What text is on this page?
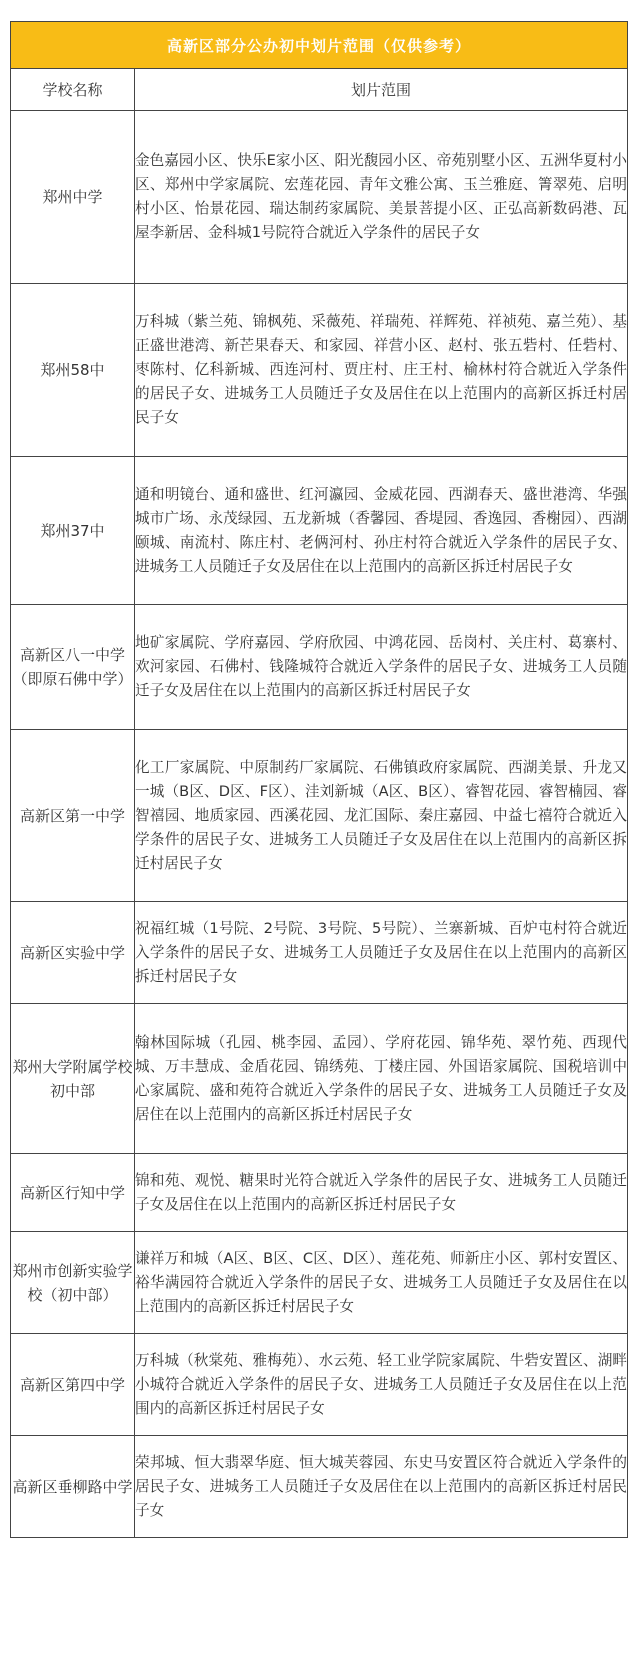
高新区部分公办初中划片范围（仅供参考）	
学校名称	划片范围
郑州中学	金色嘉园小区、快乐E家小区、阳光馥园小区、帝苑别墅小区、五洲华夏村小区、郑州中学家属院、宏莲花园、青年文雅公寓、玉兰雅庭、箐翠苑、启明村小区、怡景花园、瑞达制药家属院、美景菩提小区、正弘高新数码港、瓦屋李新居、金科城1号院符合就近入学条件的居民子女
郑州58中	万科城（紫兰苑、锦枫苑、采薇苑、祥瑞苑、祥辉苑、祥祯苑、嘉兰苑）、基正盛世港湾、新芒果春天、和家园、祥营小区、赵村、张五砦村、任砦村、枣陈村、亿科新城、西连河村、贾庄村、庄王村、榆林村符合就近入学条件的居民子女、进城务工人员随迁子女及居住在以上范围内的高新区拆迁村居民子女
郑州37中	通和明镜台、通和盛世、红河瀛园、金威花园、西湖春天、盛世港湾、华强城市广场、永茂绿园、五龙新城（香馨园、香堤园、香逸园、香榭园）、西湖颐城、南流村、陈庄村、老俩河村、孙庄村符合就近入学条件的居民子女、进城务工人员随迁子女及居住在以上范围内的高新区拆迁村居民子女
高新区八一中学（即原石佛中学）	地矿家属院、学府嘉园、学府欣园、中鸿花园、岳岗村、关庄村、葛寨村、欢河家园、石佛村、钱隆城符合就近入学条件的居民子女、进城务工人员随迁子女及居住在以上范围内的高新区拆迁村居民子女
高新区第一中学	化工厂家属院、中原制药厂家属院、石佛镇政府家属院、西湖美景、升龙又一城（B区、D区、F区）、洼刘新城（A区、B区）、睿智花园、睿智楠园、睿智禧园、地质家园、西溪花园、龙汇国际、秦庄嘉园、中益七禧符合就近入学条件的居民子女、进城务工人员随迁子女及居住在以上范围内的高新区拆迁村居民子女
高新区实验中学	祝福红城（1号院、2号院、3号院、5号院）、兰寨新城、百炉屯村符合就近入学条件的居民子女、进城务工人员随迁子女及居住在以上范围内的高新区拆迁村居民子女
郑州大学附属学校初中部	翰林国际城（孔园、桃李园、孟园）、学府花园、锦华苑、翠竹苑、西现代城、万丰慧成、金盾花园、锦绣苑、丁楼庄园、外国语家属院、国税培训中心家属院、盛和苑符合就近入学条件的居民子女、进城务工人员随迁子女及居住在以上范围内的高新区拆迁村居民子女
高新区行知中学	锦和苑、观悦、糖果时光符合就近入学条件的居民子女、进城务工人员随迁子女及居住在以上范围内的高新区拆迁村居民子女
郑州市创新实验学校（初中部）	谦祥万和城（A区、B区、C区、D区）、莲花苑、师新庄小区、郭村安置区、裕华满园符合就近入学条件的居民子女、进城务工人员随迁子女及居住在以上范围内的高新区拆迁村居民子女
高新区第四中学	万科城（秋棠苑、雅梅苑）、水云苑、轻工业学院家属院、牛砦安置区、湖畔小城符合就近入学条件的居民子女、进城务工人员随迁子女及居住在以上范围内的高新区拆迁村居民子女
高新区垂柳路中学	荣邦城、恒大翡翠华庭、恒大城芙蓉园、东史马安置区符合就近入学条件的居民子女、进城务工人员随迁子女及居住在以上范围内的高新区拆迁村居民子女
